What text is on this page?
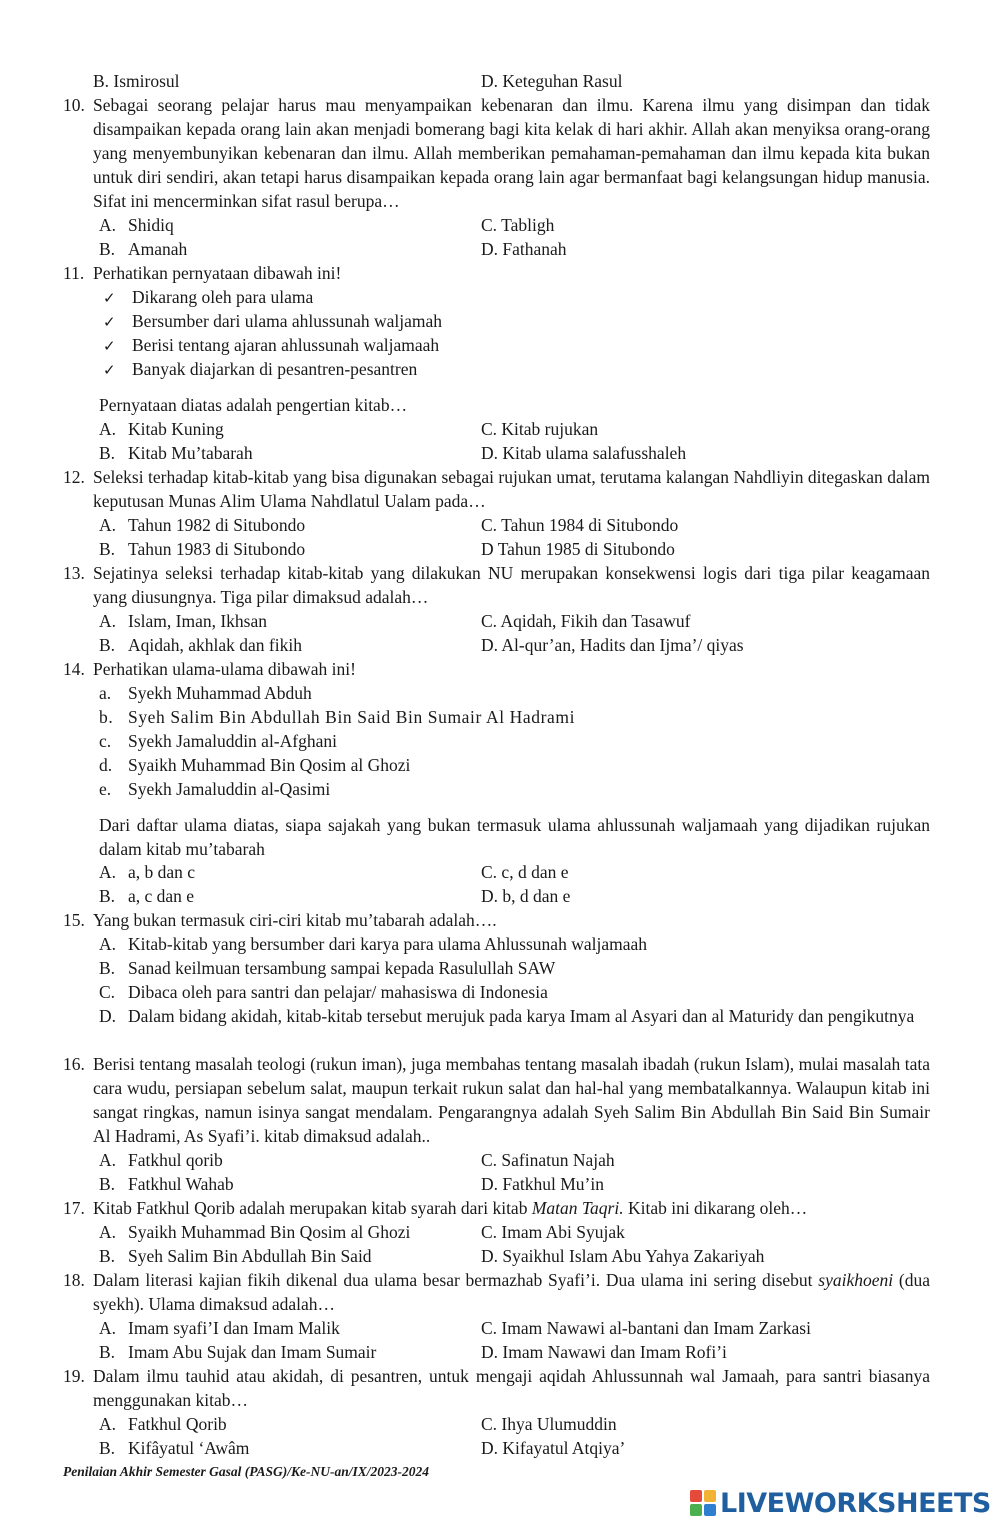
B. Ismirosul	D. Keteguhan Rasul
10. Sebagai seorang pelajar harus mau menyampaikan kebenaran dan ilmu. Karena ilmu yang disimpan dan tidak disampaikan kepada orang lain akan menjadi bomerang bagi kita kelak di hari akhir. Allah akan menyiksa orang-orang yang menyembunyikan kebenaran dan ilmu. Allah memberikan pemahaman-pemahaman dan ilmu kepada kita bukan untuk diri sendiri, akan tetapi harus disampaikan kepada orang lain agar bermanfaat bagi kelangsungan hidup manusia. Sifat ini mencerminkan sifat rasul berupa…
A. Shidiq	C. Tabligh
B. Amanah	D. Fathanah
11. Perhatikan pernyataan dibawah ini!
✓ Dikarang oleh para ulama
✓ Bersumber dari ulama ahlussunah waljamah
✓ Berisi tentang ajaran ahlussunah waljamaah
✓ Banyak diajarkan di pesantren-pesantren
Pernyataan diatas adalah pengertian kitab…
A. Kitab Kuning	C. Kitab rujukan
B. Kitab Mu’tabarah	D. Kitab ulama salafusshaleh
12. Seleksi terhadap kitab-kitab yang bisa digunakan sebagai rujukan umat, terutama kalangan Nahdliyin ditegaskan dalam keputusan Munas Alim Ulama Nahdlatul Ualam pada…
A. Tahun 1982 di Situbondo	C. Tahun 1984 di Situbondo
B. Tahun 1983 di Situbondo	D Tahun 1985 di Situbondo
13. Sejatinya seleksi terhadap kitab-kitab yang dilakukan NU merupakan konsekwensi logis dari tiga pilar keagamaan yang diusungnya. Tiga pilar dimaksud adalah…
A. Islam, Iman, Ikhsan	C. Aqidah, Fikih dan Tasawuf
B. Aqidah, akhlak dan fikih	D. Al-qur’an, Hadits dan Ijma’/ qiyas
14. Perhatikan ulama-ulama dibawah ini!
a. Syekh Muhammad Abduh
b. Syeh Salim Bin Abdullah Bin Said Bin Sumair Al Hadrami
c. Syekh Jamaluddin al-Afghani
d. Syaikh Muhammad Bin Qosim al Ghozi
e. Syekh Jamaluddin al-Qasimi
Dari daftar ulama diatas, siapa sajakah yang bukan termasuk ulama ahlussunah waljamaah yang dijadikan rujukan dalam kitab mu’tabarah
A. a, b dan c	C. c, d dan e
B. a, c dan e	D. b, d dan e
15. Yang bukan termasuk ciri-ciri kitab mu’tabarah adalah….
A. Kitab-kitab yang bersumber dari karya para ulama Ahlussunah waljamaah
B. Sanad keilmuan tersambung sampai kepada Rasulullah SAW
C. Dibaca oleh para santri dan pelajar/ mahasiswa di Indonesia
D. Dalam bidang akidah, kitab-kitab tersebut merujuk pada karya Imam al Asyari dan al Maturidy dan pengikutnya
16. Berisi tentang masalah teologi (rukun iman), juga membahas tentang masalah ibadah (rukun Islam), mulai masalah tata cara wudu, persiapan sebelum salat, maupun terkait rukun salat dan hal-hal yang membatalkannya. Walaupun kitab ini sangat ringkas, namun isinya sangat mendalam. Pengarangnya adalah Syeh Salim Bin Abdullah Bin Said Bin Sumair Al Hadrami, As Syafi’i. kitab dimaksud adalah..
A. Fatkhul qorib	C. Safinatun Najah
B. Fatkhul Wahab	D. Fatkhul Mu’in
17. Kitab Fatkhul Qorib adalah merupakan kitab syarah dari kitab Matan Taqri. Kitab ini dikarang oleh…
A. Syaikh Muhammad Bin Qosim al Ghozi	C. Imam Abi Syujak
B. Syeh Salim Bin Abdullah Bin Said	D. Syaikhul Islam Abu Yahya Zakariyah
18. Dalam literasi kajian fikih dikenal dua ulama besar bermazhab Syafi’i. Dua ulama ini sering disebut syaikhoeni (dua syekh). Ulama dimaksud adalah…
A. Imam syafi’I dan Imam Malik	C. Imam Nawawi al-bantani dan Imam Zarkasi
B. Imam Abu Sujak dan Imam Sumair	D. Imam Nawawi dan Imam Rofi’i
19. Dalam ilmu tauhid atau akidah, di pesantren, untuk mengaji aqidah Ahlussunnah wal Jamaah, para santri biasanya menggunakan kitab…
A. Fatkhul Qorib	C. Ihya Ulumuddin
B. Kifâyatul ‘Awâm	D. Kifayatul Atqiya’
Penilaian Akhir Semester Gasal (PASG)/Ke-NU-an/IX/2023-2024
LIVEWORKSHEETS
